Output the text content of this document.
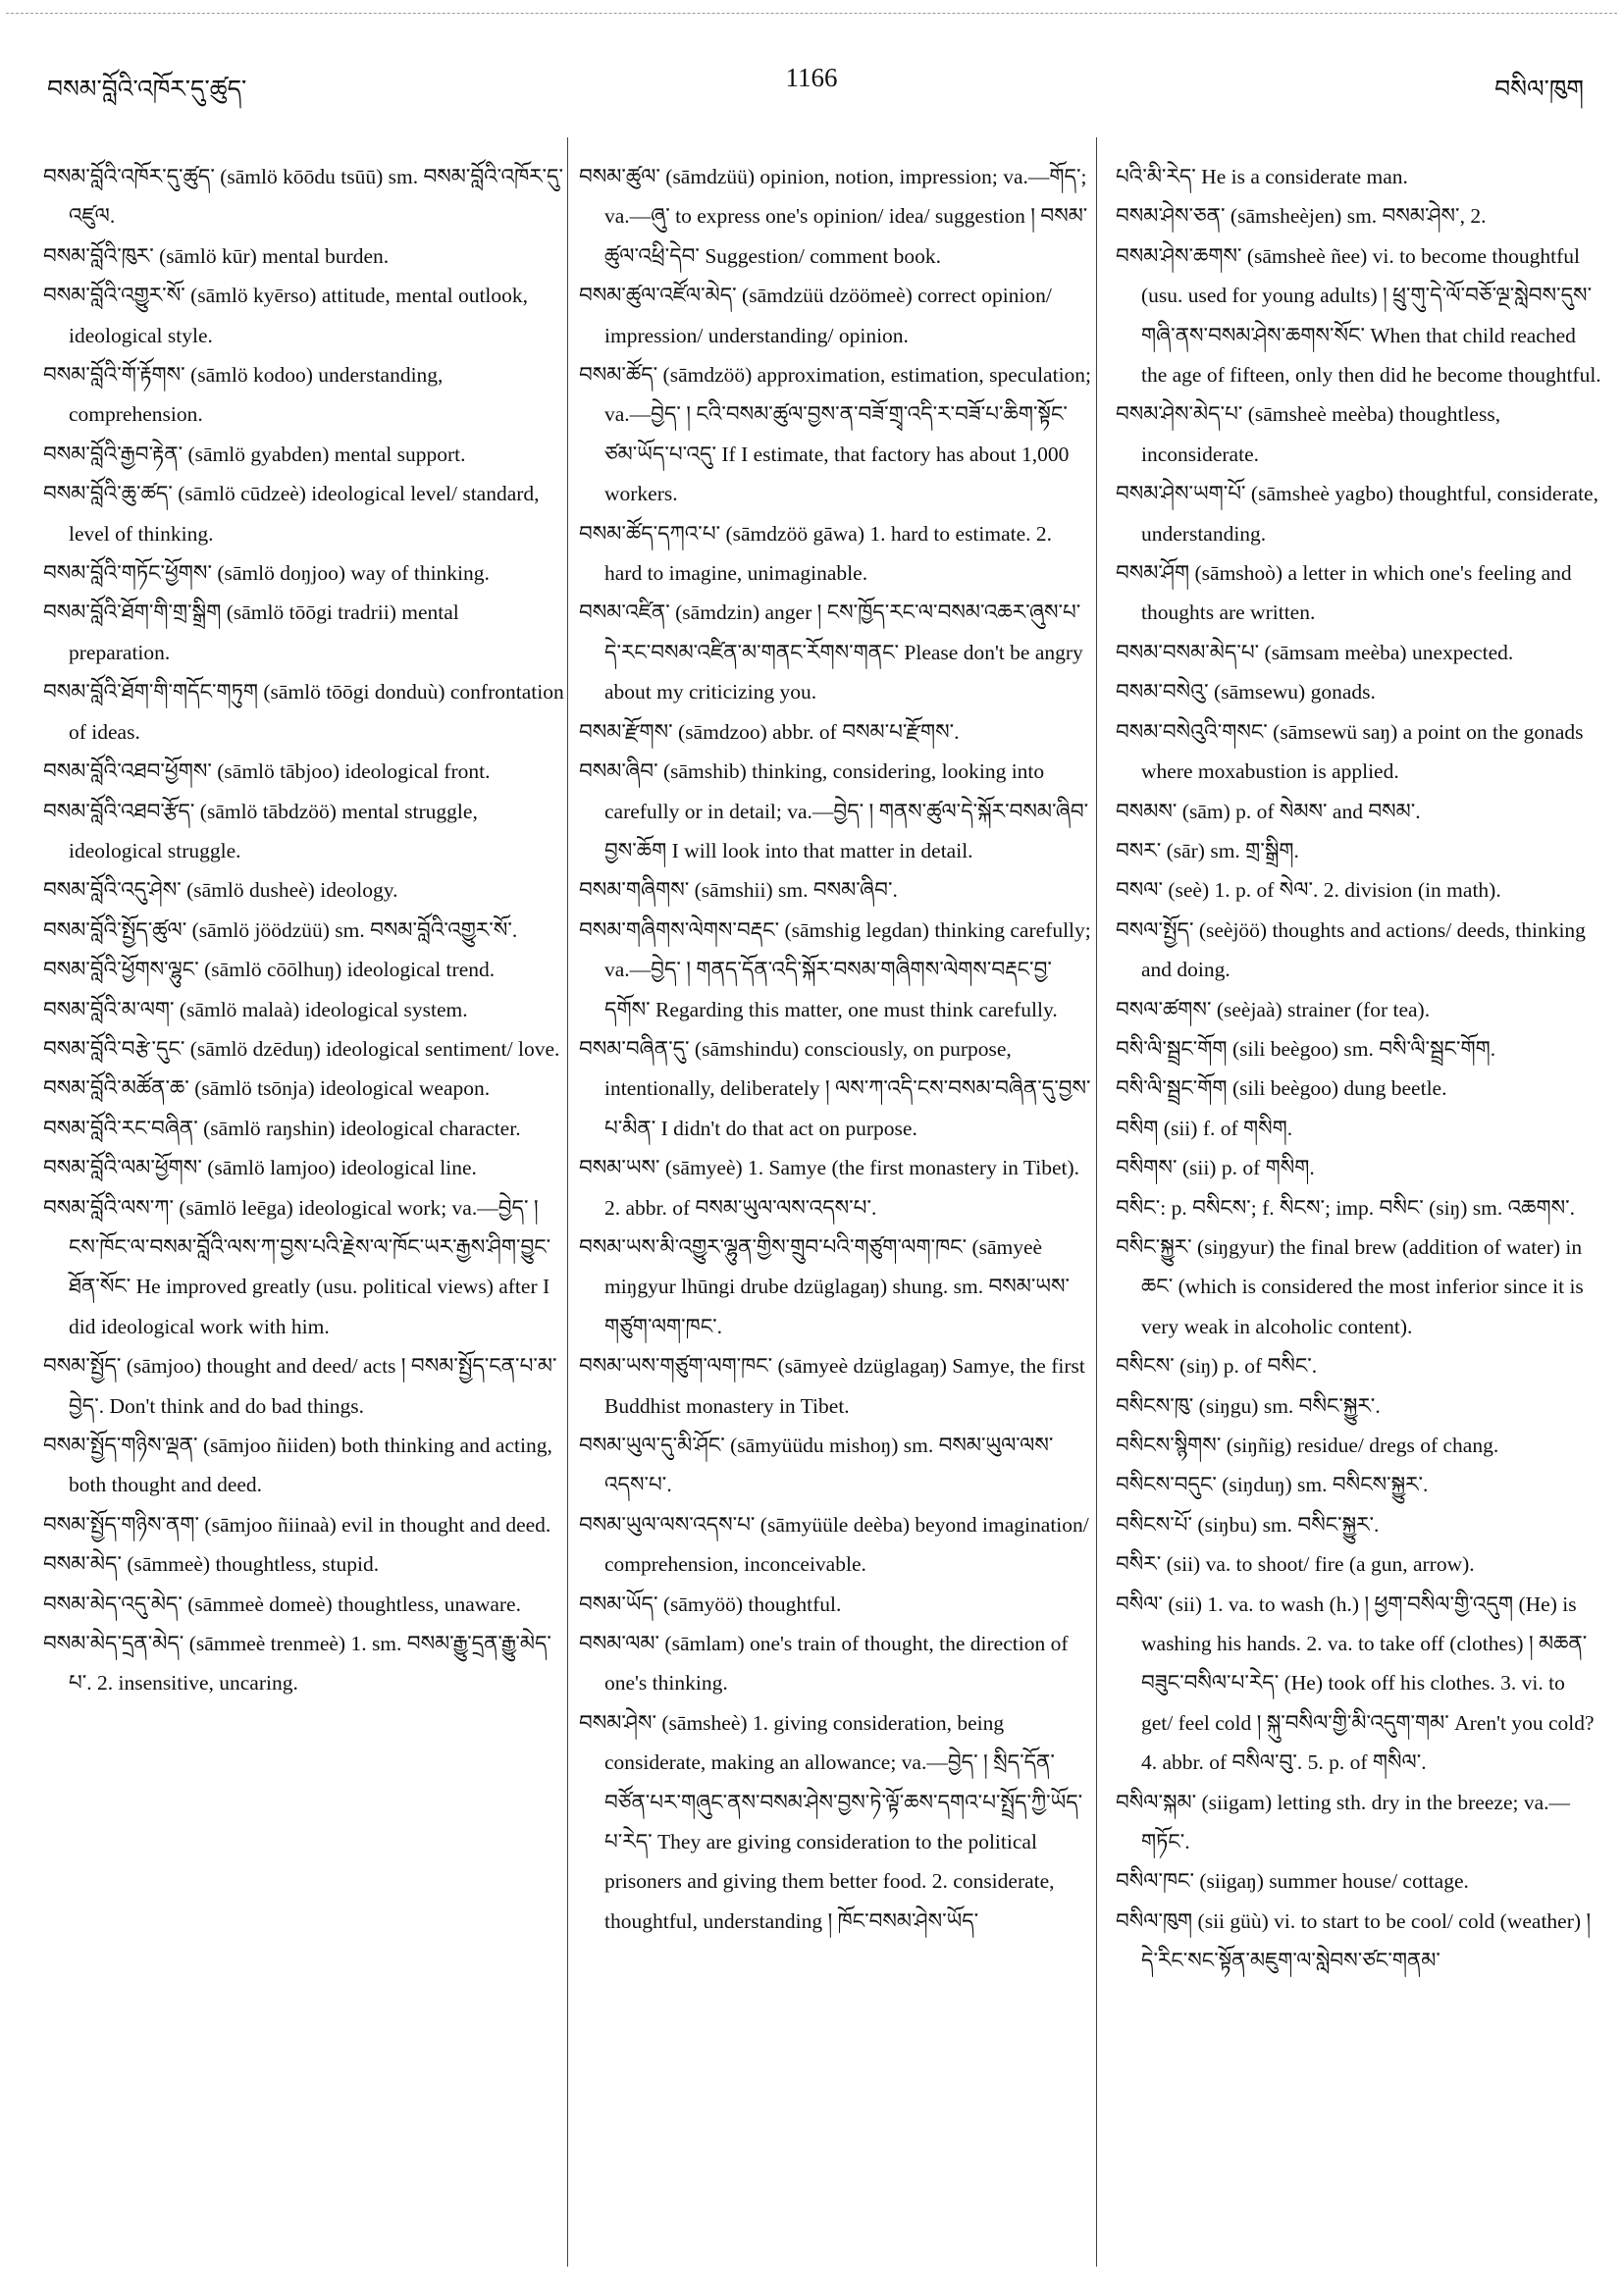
བསམ་བློའི་འཁོར་དུ་ཚུད་	1166	བསིལ་ཁུག

བསམ་བློའི་འཁོར་དུ་ཚུད་ (sāmlö kōōdu tsūū) sm. བསམ་བློའི་འཁོར་དུ་འཛུལ.

བསམ་བློའི་ཁུར་ (sāmlö kūr) mental burden.

བསམ་བློའི་འགྱུར་སོ་ (sāmlö kyērso) attitude, mental outlook, ideological style.

བསམ་བློའི་གོ་རྟོགས་ (sāmlö kodoo) understanding, comprehension.

བསམ་བློའི་རྒྱབ་རྟེན་ (sāmlö gyabden) mental support.

བསམ་བློའི་ཆུ་ཚད་ (sāmlö cūdzeè) ideological level/ standard, level of thinking.

བསམ་བློའི་གཏོང་ཕྱོགས་ (sāmlö doŋjoo) way of thinking.

བསམ་བློའི་ཐོག་གི་གྲ་སྒྲིག (sāmlö tōōgi tradrii) mental preparation.

བསམ་བློའི་ཐོག་གི་གདོང་གཏུག (sāmlö tōōgi donduù) confrontation of ideas.

བསམ་བློའི་འཐབ་ཕྱོགས་ (sāmlö tābjoo) ideological front.

བསམ་བློའི་འཐབ་རྩོད་ (sāmlö tābdzöö) mental struggle, ideological struggle.

བསམ་བློའི་འདུ་ཤེས་ (sāmlö dusheè) ideology.

བསམ་བློའི་སྤྱོད་ཚུལ་ (sāmlö jöödzüü) sm. བསམ་བློའི་འགྱུར་སོ་.

བསམ་བློའི་ཕྱོགས་ལྷུང་ (sāmlö cōōlhuŋ) ideological trend.

བསམ་བློའི་མ་ལག་ (sāmlö malaà) ideological system.

བསམ་བློའི་བརྩེ་དུང་ (sāmlö dzēduŋ) ideological sentiment/ love.

བསམ་བློའི་མཚོན་ཆ་ (sāmlö tsōnja) ideological weapon.

བསམ་བློའི་རང་བཞིན་ (sāmlö raŋshin) ideological character.

བསམ་བློའི་ལམ་ཕྱོགས་ (sāmlö lamjoo) ideological line.

བསམ་བློའི་ལས་ཀ་ (sāmlö leēga) ideological work; va.—བྱེད་ ། ངས་ཁོང་ལ་བསམ་བློའི་ལས་ཀ་བྱས་པའི་རྗེས་ལ་ཁོང་ཡར་རྒྱས་ཤིག་བྱུང་ཐོན་སོང་ He improved greatly (usu. political views) after I did ideological work with him.

བསམ་སྤྱོད་ (sāmjoo) thought and deed/ acts ། བསམ་སྤྱོད་ངན་པ་མ་བྱེད་. Don't think and do bad things.

བསམ་སྤྱོད་གཉིས་ལྡན་ (sāmjoo ñiiden) both thinking and acting, both thought and deed.

བསམ་སྤྱོད་གཉིས་ནག་ (sāmjoo ñiinaà) evil in thought and deed.

བསམ་མེད་ (sāmmeè) thoughtless, stupid.

བསམ་མེད་འདུ་མེད་ (sāmmeè domeè) thoughtless, unaware.

བསམ་མེད་དྲན་མེད་ (sāmmeè trenmeè) 1. sm. བསམ་རྒྱུ་དྲན་རྒྱུ་མེད་པ་. 2. insensitive, uncaring.

བསམ་ཚུལ་ (sāmdzüü) opinion, notion, impression; va.—གོད་; va.—ཞུ་ to express one's opinion/ idea/ suggestion ། བསམ་ཚུལ་འཕྲི་དེབ་ Suggestion/ comment book.

བསམ་ཚུལ་འཛོལ་མེད་ (sāmdzüü dzöömeè) correct opinion/ impression/ understanding/ opinion.

བསམ་ཚོད་ (sāmdzöö) approximation, estimation, speculation; va.—བྱེད་ ། ངའི་བསམ་ཚུལ་བྱས་ན་བཟོ་གྲྭ་འདི་ར་བཟོ་པ་ཆིག་སྟོང་ཙམ་ཡོད་པ་འདུ་ If I estimate, that factory has about 1,000 workers.

བསམ་ཚོད་དཀའ་པ་ (sāmdzöö gāwa) 1. hard to estimate. 2. hard to imagine, unimaginable.

བསམ་འཛིན་ (sāmdzin) anger ། ངས་ཁྱོད་རང་ལ་བསམ་འཆར་ཞུས་པ་དེ་རང་བསམ་འཛིན་མ་གནང་རོགས་གནང་ Please don't be angry about my criticizing you.

བསམ་རྫོགས་ (sāmdzoo) abbr. of བསམ་པ་རྫོགས་.

བསམ་ཞིབ་ (sāmshib) thinking, considering, looking into carefully or in detail; va.—བྱེད་ ། གནས་ཚུལ་དེ་སྐོར་བསམ་ཞིབ་བྱས་ཆོག I will look into that matter in detail.

བསམ་གཞིགས་ (sāmshii) sm. བསམ་ཞིབ་.

བསམ་གཞིགས་ལེགས་བརྡང་ (sāmshig legdan) thinking carefully; va.—བྱེད་ ། གནད་དོན་འདི་སྐོར་བསམ་གཞིགས་ལེགས་བརྡང་བྱ་དགོས་ Regarding this matter, one must think carefully.

བསམ་བཞིན་དུ་ (sāmshindu) consciously, on purpose, intentionally, deliberately ། ལས་ཀ་འདི་ངས་བསམ་བཞིན་དུ་བྱས་པ་མིན་ I didn't do that act on purpose.

བསམ་ཡས་ (sāmyeè) 1. Samye (the first monastery in Tibet). 2. abbr. of བསམ་ཡུལ་ལས་འདས་པ་.

བསམ་ཡས་མི་འགྱུར་ལྷུན་གྱིས་གྲུབ་པའི་གཙུག་ལག་ཁང་ (sāmyeè miŋgyur lhūngi drube dzüglagaŋ) shung. sm. བསམ་ཡས་གཙུག་ལག་ཁང་.

བསམ་ཡས་གཙུག་ལག་ཁང་ (sāmyeè dzüglagaŋ) Samye, the first Buddhist monastery in Tibet.

བསམ་ཡུལ་དུ་མི་ཤོང་ (sāmyüüdu mishoŋ) sm. བསམ་ཡུལ་ལས་འདས་པ་.

བསམ་ཡུལ་ལས་འདས་པ་ (sāmyüüle deèba) beyond imagination/ comprehension, inconceivable.

བསམ་ཡོད་ (sāmyöö) thoughtful.

བསམ་ལམ་ (sāmlam) one's train of thought, the direction of one's thinking.

བསམ་ཤེས་ (sāmsheè) 1. giving consideration, being considerate, making an allowance; va.—བྱེད་ ། སྲིད་དོན་བཙོན་པར་གཞུང་ནས་བསམ་ཤེས་བྱས་ཏེ་ལྟོ་ཆས་དགའ་པ་སྤྲོད་ཀྱི་ཡོད་པ་རེད་ They are giving consideration to the political prisoners and giving them better food. 2. considerate, thoughtful, understanding ། ཁོང་བསམ་ཤེས་ཡོད་

པའི་མི་རེད་ He is a considerate man.

བསམ་ཤེས་ཅན་ (sāmsheèjen) sm. བསམ་ཤེས་, 2.

བསམ་ཤེས་ཆགས་ (sāmsheè ñee) vi. to become thoughtful (usu. used for young adults) ། ཕྲུ་གུ་དེ་ལོ་བཅོ་ལྔ་སླེབས་དུས་གཞི་ནས་བསམ་ཤེས་ཆགས་སོང་ When that child reached the age of fifteen, only then did he become thoughtful.

བསམ་ཤེས་མེད་པ་ (sāmsheè meèba) thoughtless, inconsiderate.

བསམ་ཤེས་ཡག་པོ་ (sāmsheè yagbo) thoughtful, considerate, understanding.

བསམ་ཤོག (sāmshoò) a letter in which one's feeling and thoughts are written.

བསམ་བསམ་མེད་པ་ (sāmsam meèba) unexpected.

བསམ་བསེའུ་ (sāmsewu) gonads.

བསམ་བསེའུའི་གསང་ (sāmsewü saŋ) a point on the gonads where moxabustion is applied.

བསམས་ (sām) p. of སེམས་ and བསམ་.

བསར་ (sār) sm. གྲ་སྒྲིག.

བསལ་ (seè) 1. p. of སེལ་. 2. division (in math).

བསལ་སྤྱོད་ (seèjöö) thoughts and actions/ deeds, thinking and doing.

བསལ་ཚགས་ (seèjaà) strainer (for tea).

བསི་ལི་སྦྲང་གོག (sili beègoo) sm. བསི་ལི་སྦྲང་གོག.

བསི་ལི་སྦྲང་གོག (sili beègoo) dung beetle.

བསིག (sii) f. of གསིག.

བསིགས་ (sii) p. of གསིག.

བསིང་: p. བསིངས་; f. སིངས་; imp. བསིང་ (siŋ) sm. འཆགས་.

བསིང་སྐྱུར་ (siŋgyur) the final brew (addition of water) in ཆང་ (which is considered the most inferior since it is very weak in alcoholic content).

བསིངས་ (siŋ) p. of བསིང་.

བསིངས་ཁུ་ (siŋgu) sm. བསིང་སྐྱུར་.

བསིངས་སྙིགས་ (siŋñig) residue/ dregs of chang.

བསིངས་བདུང་ (siŋduŋ) sm. བསིངས་སྐྱུར་.

བསིངས་པོ་ (siŋbu) sm. བསིང་སྐྱུར་.

བསིར་ (sii) va. to shoot/ fire (a gun, arrow).

བསིལ་ (sii) 1. va. to wash (h.) ། ཕྱག་བསིལ་གྱི་འདུག (He) is washing his hands. 2. va. to take off (clothes) ། མཆན་བཟུང་བསིལ་པ་རེད་ (He) took off his clothes. 3. vi. to get/ feel cold ། སྐུ་བསིལ་གྱི་མི་འདུག་གམ་ Aren't you cold? 4. abbr. of བསིལ་བུ་. 5. p. of གསིལ་.

བསིལ་སྐམ་ (siigam) letting sth. dry in the breeze; va.—གཏོང་.

བསིལ་ཁང་ (siigaŋ) summer house/ cottage.

བསིལ་ཁུག (sii güù) vi. to start to be cool/ cold (weather) ། དེ་རིང་སང་སྟོན་མཇུག་ལ་སླེབས་ཙང་གནམ་
